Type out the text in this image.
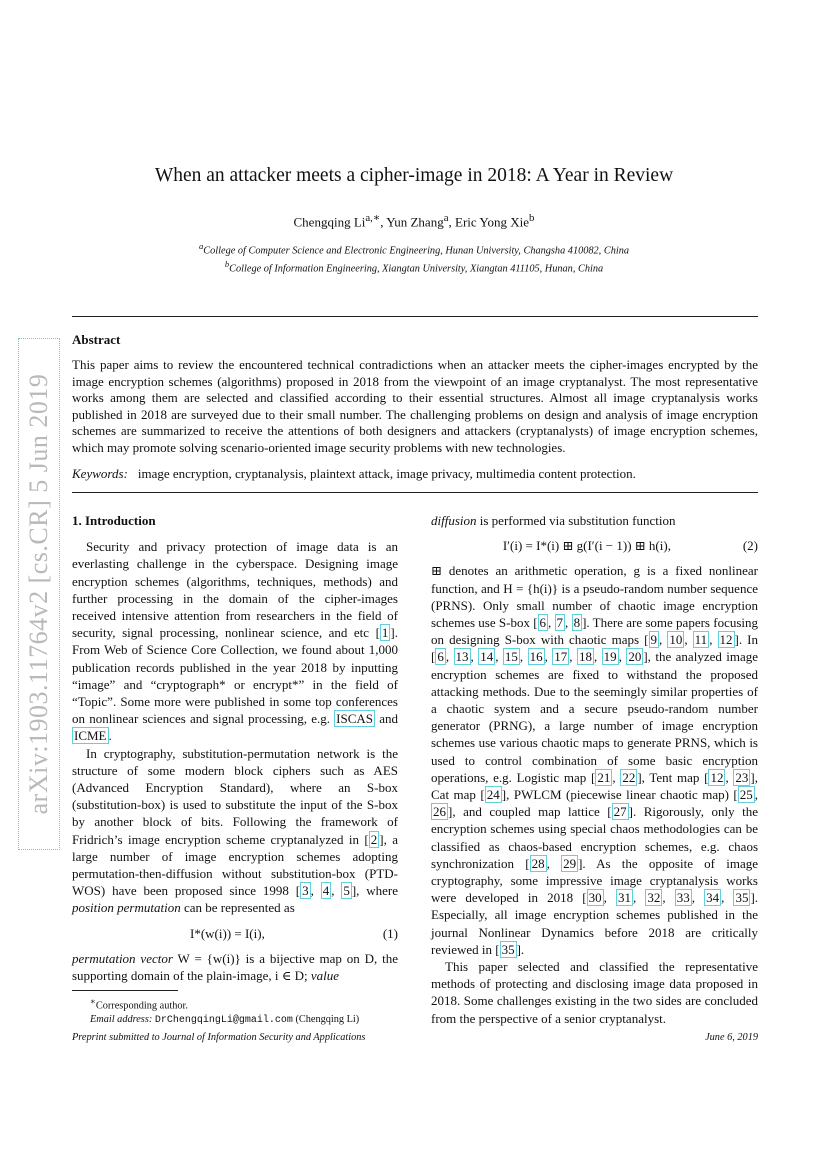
arXiv:1903.11764v2 [cs.CR] 5 Jun 2019
When an attacker meets a cipher-image in 2018: A Year in Review
Chengqing $Li^{a,∗}$, Yun Zhang$^a$, Eric Yong Xie$^b$
$^a$College of Computer Science and Electronic Engineering, Hunan University, Changsha 410082, China
$^b$College of Information Engineering, Xiangtan University, Xiangtan 411105, Hunan, China
Abstract
This paper aims to review the encountered technical contradictions when an attacker meets the cipher-images encrypted by the image encryption schemes (algorithms) proposed in 2018 from the viewpoint of an image cryptanalyst. The most representative works among them are selected and classified according to their essential structures. Almost all image cryptanalysis works published in 2018 are surveyed due to their small number. The challenging problems on design and analysis of image encryption schemes are summarized to receive the attentions of both designers and attackers (cryptanalysts) of image encryption schemes, which may promote solving scenario-oriented image security problems with new technologies.
Keywords: image encryption, cryptanalysis, plaintext attack, image privacy, multimedia content protection.
1. Introduction

Security and privacy protection of image data is an everlasting challenge in the cyberspace. Designing image encryption schemes (algorithms, techniques, methods) and further processing in the domain of the cipher-images received intensive attention from researchers in the field of security, signal processing, nonlinear science, and etc [ 1 ]. From Web of Science Core Collection, we found about 1,000 publication records published in the year 2018 by inputting “image” and “cryptograph* or encrypt*” in the field of “Topic”. Some more were published in some top conferences on nonlinear sciences and signal processing, e.g. ISCAS and ICME .

In cryptography, substitution-permutation network is the structure of some modern block ciphers such as AES (Advanced Encryption Standard), where an S-box (substitution-box) is used to substitute the input of the S-box by another block of bits. Following the framework of Fridrich’s image encryption scheme cryptanalyzed in [ 2 ], a large number of image encryption schemes adopting permutation-then-diffusion without substitution-box (PTD-WOS) have been proposed since 1998 [ 3 , 4 , 5 ], where position permutation can be represented as

I*(w(i)) = I(i),	(1)

permutation vector W = {w(i)} is a bijective map on D, the supporting domain of the plain-image, i ∈ D; value

∗Corresponding author.
Email address: DrChengqingLi@gmail.com (Chengqing Li)

diffusion is performed via substitution function

I′(i) = I*(i) ⊞ g(I′(i − 1)) ⊞ h(i),	(2)

⊞ denotes an arithmetic operation, g is a fixed nonlinear function, and H = {h(i)} is a pseudo-random number sequence (PRNS). Only small number of chaotic image encryption schemes use S-box [ 6 , 7 , 8 ]. There are some papers focusing on designing S-box with chaotic maps [ 9 , 10 , 11 , 12 ]. In [ 6 , 13 , 14 , 15 , 16 , 17 , 18 , 19 , 20 ], the analyzed image encryption schemes are fixed to withstand the proposed attacking methods. Due to the seemingly similar properties of a chaotic system and a secure pseudo-random number generator (PRNG), a large number of image encryption schemes use various chaotic maps to generate PRNS, which is used to control combination of some basic encryption operations, e.g. Logistic map [ 21 , 22 ], Tent map [ 12 , 23 ], Cat map [ 24 ], PWLCM (piecewise linear chaotic map) [ 25 , 26 ], and coupled map lattice [ 27 ]. Rigorously, only the encryption schemes using special chaos methodologies can be classified as chaos-based encryption schemes, e.g. chaos synchronization [ 28 , 29 ]. As the opposite of image cryptography, some impressive image cryptanalysis works were developed in 2018 [ 30 , 31 , 32 , 33 , 34 , 35 ]. Especially, all image encryption schemes published in the journal Nonlinear Dynamics before 2018 are critically reviewed in [ 35 ].

This paper selected and classified the representative methods of protecting and disclosing image data proposed in 2018. Some challenges existing in the two sides are concluded from the perspective of a senior cryptanalyst.

Preprint submitted to Journal of Information Security and Applications	June 6, 2019
